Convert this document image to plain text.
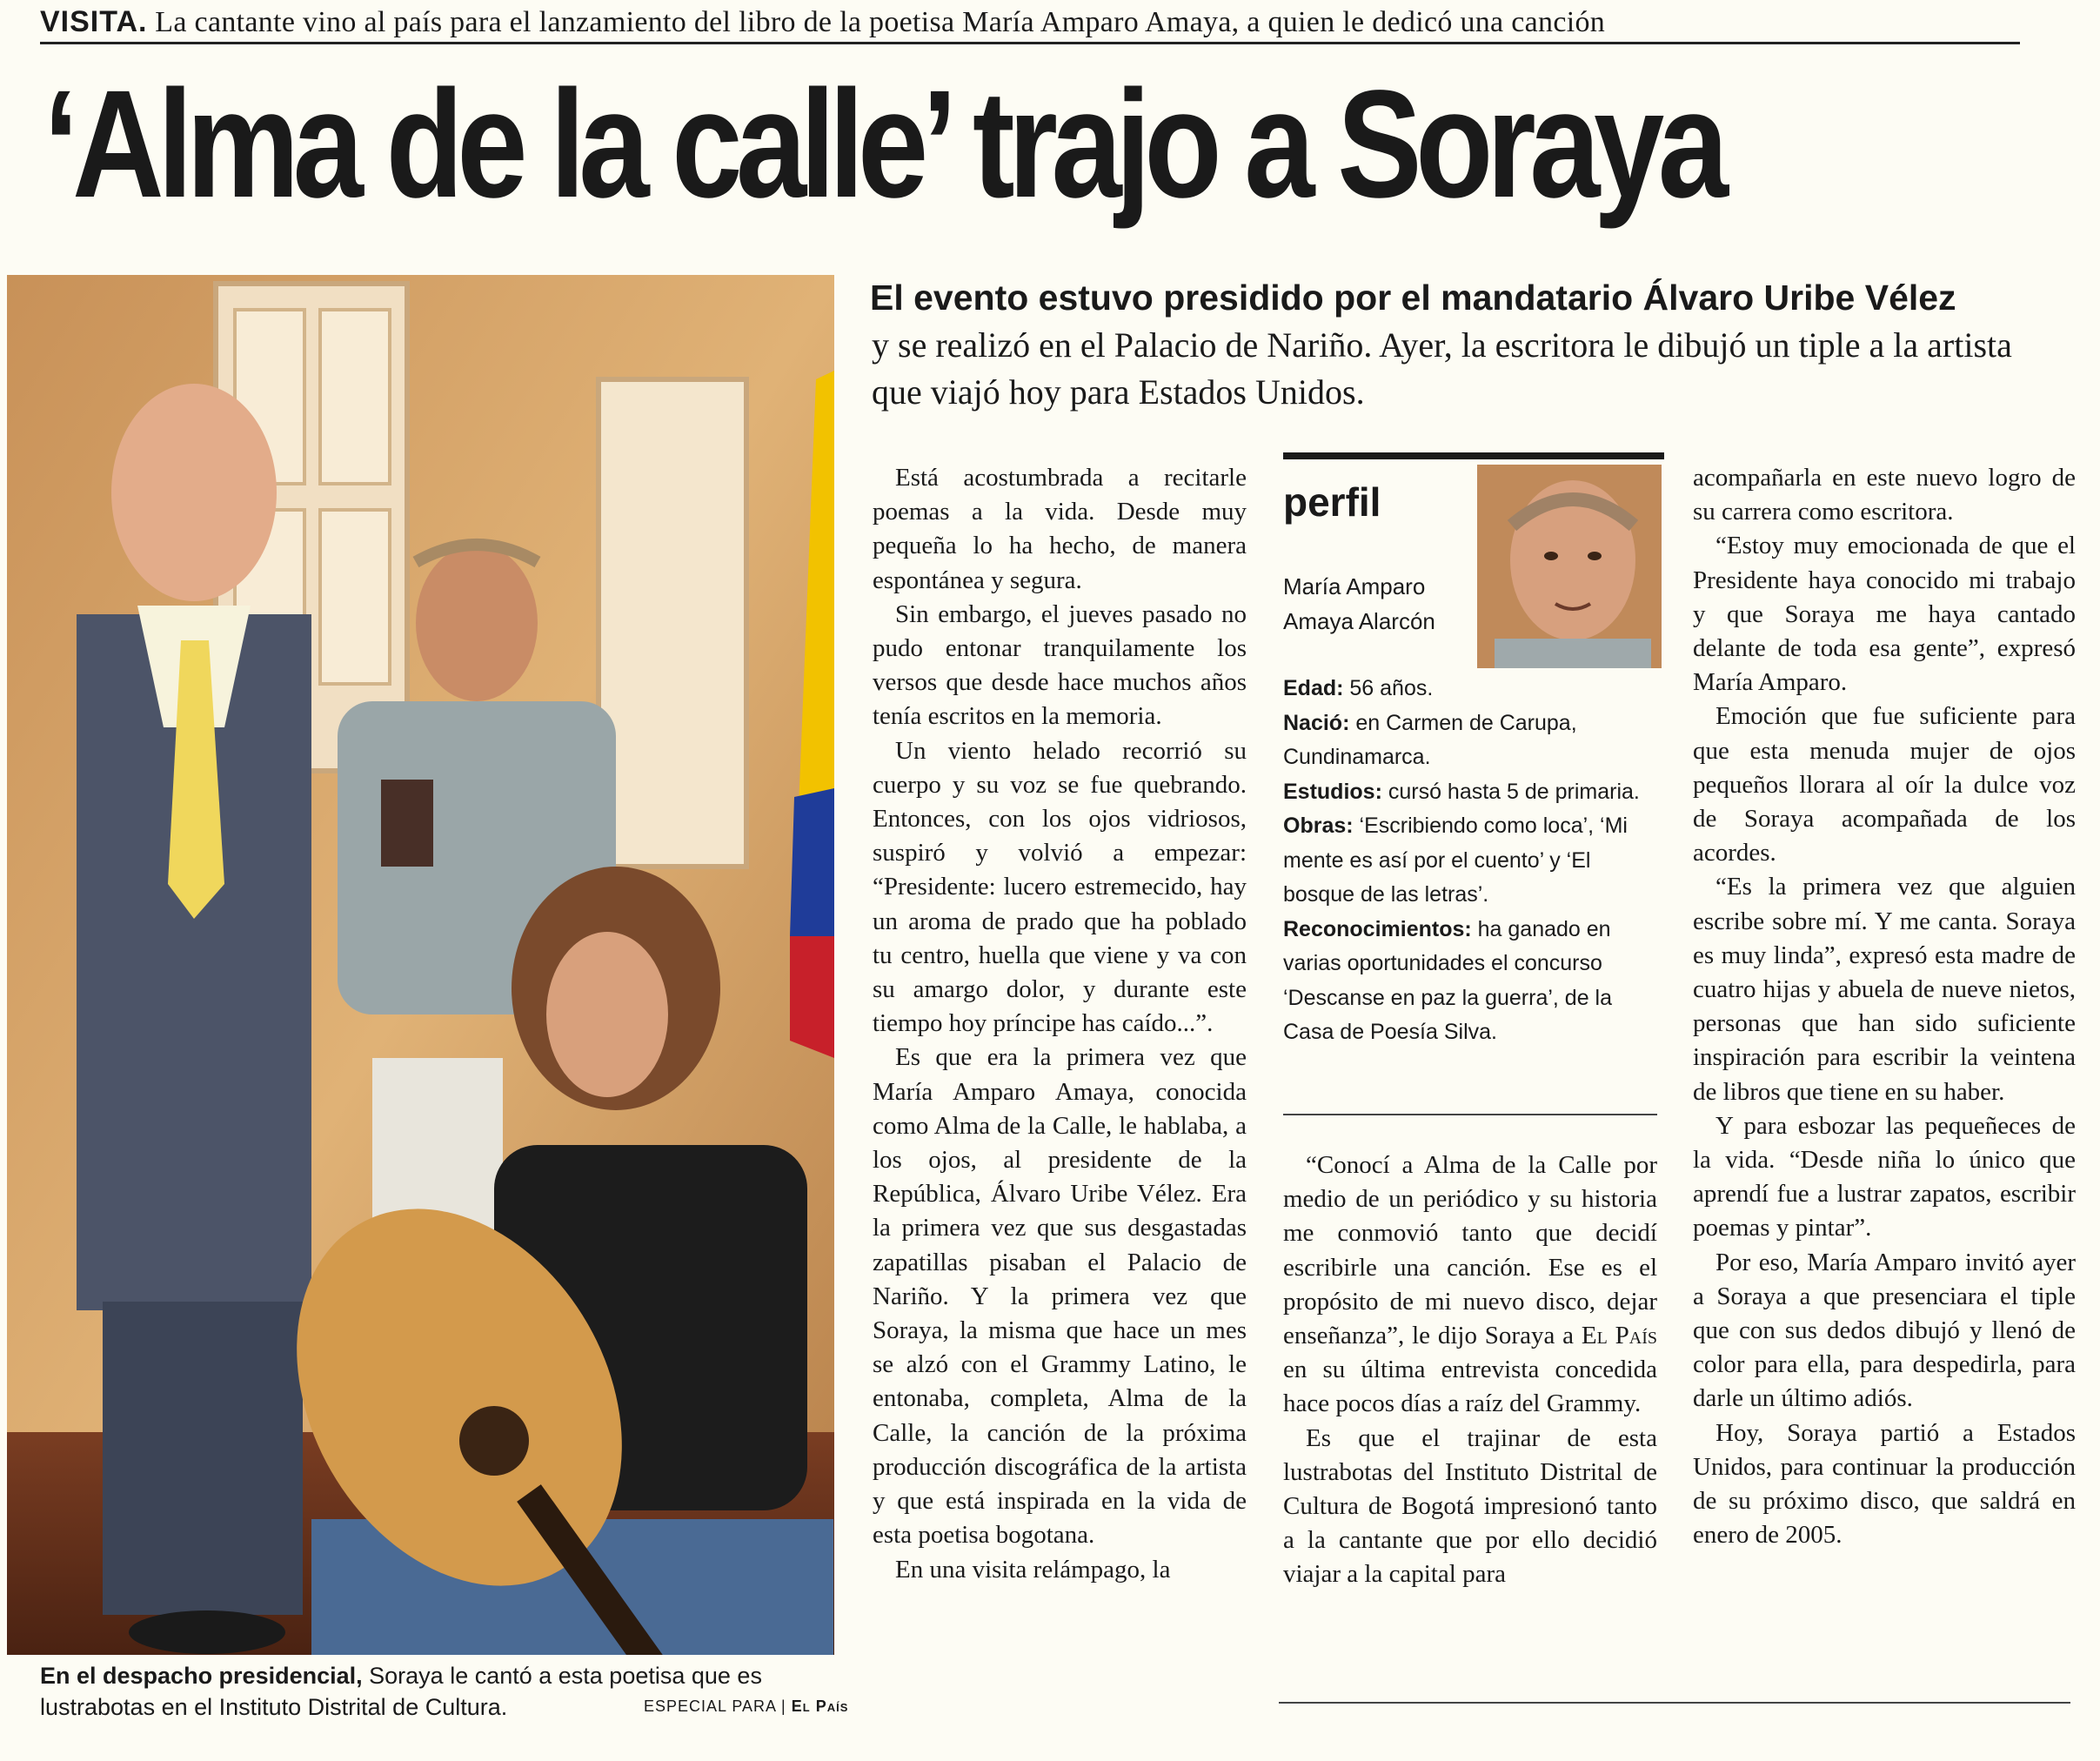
VISITA. La cantante vino al país para el lanzamiento del libro de la poetisa María Amparo Amaya, a quien le dedicó una canción
‘Alma de la calle’ trajo a Soraya
En el despacho presidencial, Soraya le cantó a esta poetisa que es lustrabotas en el Instituto Distrital de Cultura.	ESPECIAL PARA | El País
El evento estuvo presidido por el mandatario Álvaro Uribe Vélez
y se realizó en el Palacio de Nariño. Ayer, la escritora le dibujó un tiple a la artista que viajó hoy para Estados Unidos.

Está acostumbrada a recitarle poemas a la vida. Desde muy pequeña lo ha hecho, de manera espontánea y segura.

Sin embargo, el jueves pasado no pudo entonar tranquilamente los versos que desde hace muchos años tenía escritos en la memoria.

Un viento helado recorrió su cuerpo y su voz se fue quebrando. Entonces, con los ojos vidriosos, suspiró y volvió a empezar: “Presidente: lucero estremecido, hay un aroma de prado que ha poblado tu centro, huella que viene y va con su amargo dolor, y durante este tiempo hoy príncipe has caído...”.

Es que era la primera vez que María Amparo Amaya, conocida como Alma de la Calle, le hablaba, a los ojos, al presidente de la República, Álvaro Uribe Vélez. Era la primera vez que sus desgastadas zapatillas pisaban el Palacio de Nariño. Y la primera vez que Soraya, la misma que hace un mes se alzó con el Grammy Latino, le entonaba, completa, Alma de la Calle, la canción de la próxima producción discográfica de la artista y que está inspirada en la vida de esta poetisa bogotana.

En una visita relámpago, la

perfil
María Amparo
Amaya Alarcón
Edad: 56 años.
Nació: en Carmen de Carupa, Cundinamarca.
Estudios: cursó hasta 5 de primaria.
Obras: ‘Escribiendo como loca’, ‘Mi mente es así por el cuento’ y ‘El bosque de las letras’.
Reconocimientos: ha ganado en varias oportunidades el concurso ‘Descanse en paz la guerra’, de la Casa de Poesía Silva.

“Conocí a Alma de la Calle por medio de un periódico y su historia me conmovió tanto que decidí escribirle una canción. Ese es el propósito de mi nuevo disco, dejar enseñanza”, le dijo Soraya a El País en su última entrevista concedida hace pocos días a raíz del Grammy.

Es que el trajinar de esta lustrabotas del Instituto Distrital de Cultura de Bogotá impresionó tanto a la cantante que por ello decidió viajar a la capital para

acompañarla en este nuevo logro de su carrera como escritora.

“Estoy muy emocionada de que el Presidente haya conocido mi trabajo y que Soraya me haya cantado delante de toda esa gente”, expresó María Amparo.

Emoción que fue suficiente para que esta menuda mujer de ojos pequeños llorara al oír la dulce voz de Soraya acompañada de los acordes.

“Es la primera vez que alguien escribe sobre mí. Y me canta. Soraya es muy linda”, expresó esta madre de cuatro hijas y abuela de nueve nietos, personas que han sido suficiente inspiración para escribir la veintena de libros que tiene en su haber.

Y para esbozar las pequeñeces de la vida. “Desde niña lo único que aprendí fue a lustrar zapatos, escribir poemas y pintar”.

Por eso, María Amparo invitó ayer a Soraya a que presenciara el tiple que con sus dedos dibujó y llenó de color para ella, para despedirla, para darle un último adiós.

Hoy, Soraya partió a Estados Unidos, para continuar la producción de su próximo disco, que saldrá en enero de 2005.
